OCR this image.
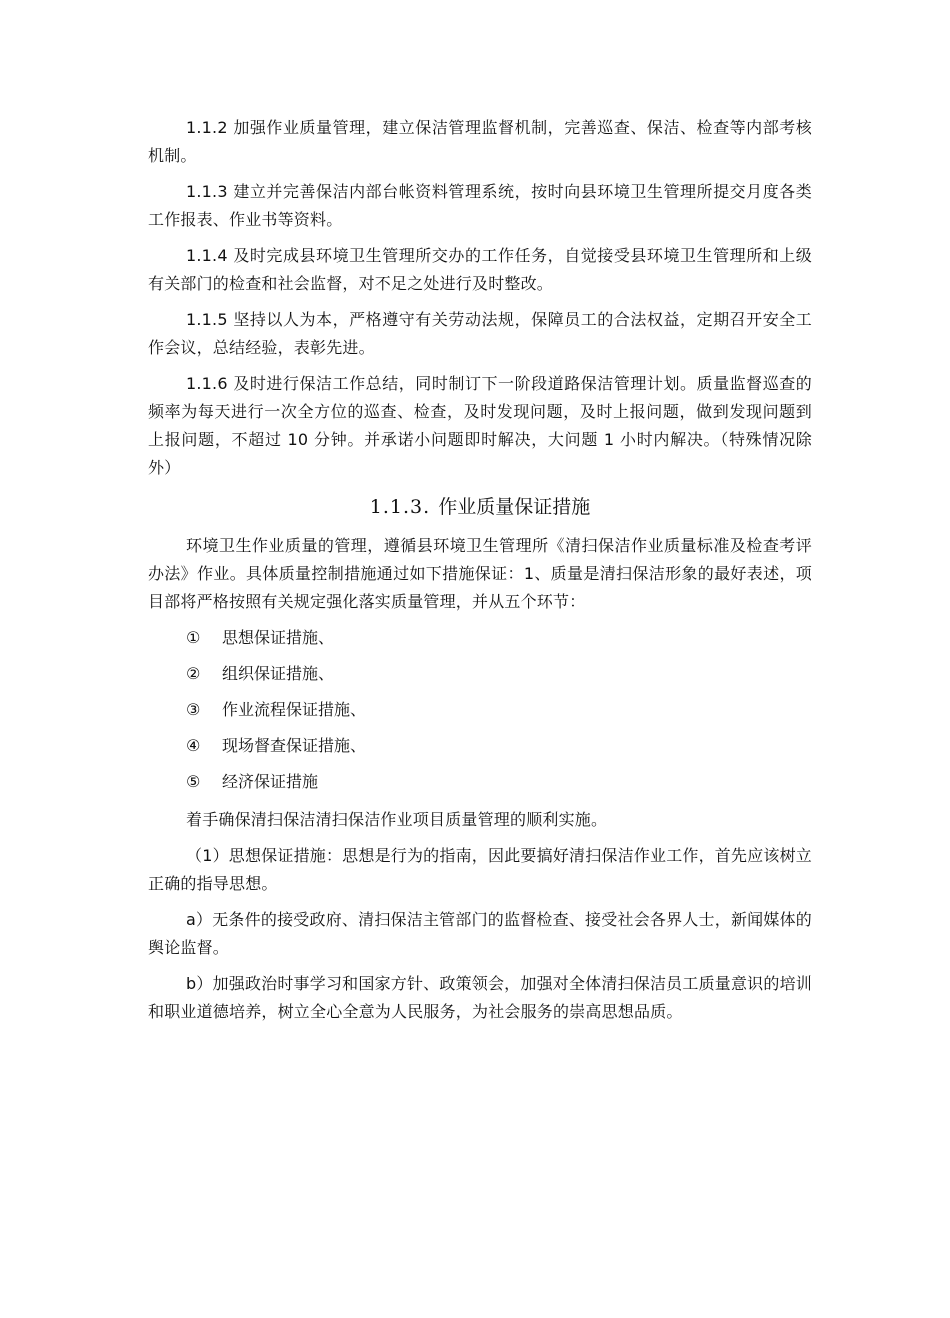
1.1.2 加强作业质量管理，建立保洁管理监督机制，完善巡查、保洁、检查等内部考核机制。

1.1.3 建立并完善保洁内部台帐资料管理系统，按时向县环境卫生管理所提交月度各类工作报表、作业书等资料。

1.1.4 及时完成县环境卫生管理所交办的工作任务，自觉接受县环境卫生管理所和上级有关部门的检查和社会监督，对不足之处进行及时整改。

1.1.5 坚持以人为本，严格遵守有关劳动法规，保障员工的合法权益，定期召开安全工作会议，总结经验，表彰先进。

1.1.6 及时进行保洁工作总结，同时制订下一阶段道路保洁管理计划。质量监督巡查的频率为每天进行一次全方位的巡查、检查，及时发现问题，及时上报问题，做到发现问题到上报问题，不超过 10 分钟。并承诺小问题即时解决，大问题 1 小时内解决。（特殊情况除外）

1.1.3. 作业质量保证措施

环境卫生作业质量的管理，遵循县环境卫生管理所《清扫保洁作业质量标准及检查考评办法》作业。具体质量控制措施通过如下措施保证：1、质量是清扫保洁形象的最好表述，项目部将严格按照有关规定强化落实质量管理，并从五个环节：

① 思想保证措施、
② 组织保证措施、
③ 作业流程保证措施、
④ 现场督查保证措施、
⑤ 经济保证措施

着手确保清扫保洁清扫保洁作业项目质量管理的顺利实施。

（1）思想保证措施：思想是行为的指南，因此要搞好清扫保洁作业工作，首先应该树立正确的指导思想。

a）无条件的接受政府、清扫保洁主管部门的监督检查、接受社会各界人士，新闻媒体的舆论监督。

b）加强政治时事学习和国家方针、政策领会，加强对全体清扫保洁员工质量意识的培训和职业道德培养，树立全心全意为人民服务，为社会服务的崇高思想品质。
